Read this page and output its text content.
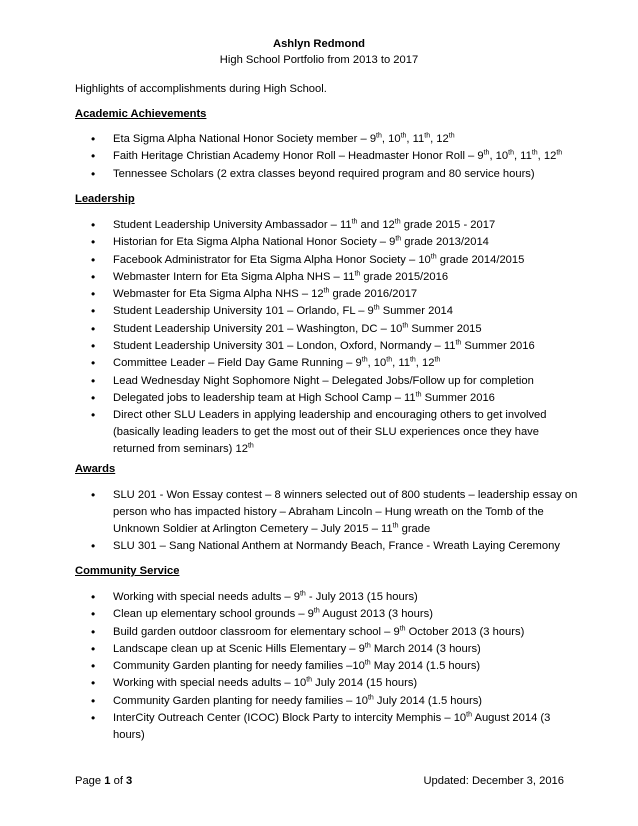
Ashlyn Redmond
High School Portfolio from 2013 to 2017
Highlights of accomplishments during High School.
Academic Achievements
• Eta Sigma Alpha National Honor Society member – 9th, 10th, 11th, 12th
• Faith Heritage Christian Academy Honor Roll – Headmaster Honor Roll – 9th, 10th, 11th, 12th
• Tennessee Scholars (2 extra classes beyond required program and 80 service hours)
Leadership
• Student Leadership University Ambassador – 11th and 12th grade 2015 - 2017
• Historian for Eta Sigma Alpha National Honor Society – 9th grade 2013/2014
• Facebook Administrator for Eta Sigma Alpha Honor Society – 10th grade 2014/2015
• Webmaster Intern for Eta Sigma Alpha NHS – 11th grade 2015/2016
• Webmaster for Eta Sigma Alpha NHS – 12th grade 2016/2017
• Student Leadership University 101 – Orlando, FL – 9th Summer 2014
• Student Leadership University 201 – Washington, DC – 10th Summer 2015
• Student Leadership University 301 – London, Oxford, Normandy – 11th Summer 2016
• Committee Leader – Field Day Game Running – 9th, 10th, 11th, 12th
• Lead Wednesday Night Sophomore Night – Delegated Jobs/Follow up for completion
• Delegated jobs to leadership team at High School Camp – 11th Summer 2016
• Direct other SLU Leaders in applying leadership and encouraging others to get involved (basically leading leaders to get the most out of their SLU experiences once they have returned from seminars) 12th
Awards
• SLU 201 - Won Essay contest – 8 winners selected out of 800 students – leadership essay on person who has impacted history – Abraham Lincoln – Hung wreath on the Tomb of the Unknown Soldier at Arlington Cemetery – July 2015 – 11th grade
• SLU 301 – Sang National Anthem at Normandy Beach, France - Wreath Laying Ceremony
Community Service
• Working with special needs adults – 9th - July 2013 (15 hours)
• Clean up elementary school grounds – 9th August 2013 (3 hours)
• Build garden outdoor classroom for elementary school – 9th October 2013 (3 hours)
• Landscape clean up at Scenic Hills Elementary – 9th March 2014 (3 hours)
• Community Garden planting for needy families –10th May 2014 (1.5 hours)
• Working with special needs adults – 10th July 2014 (15 hours)
• Community Garden planting for needy families – 10th July 2014 (1.5 hours)
• InterCity Outreach Center (ICOC) Block Party to intercity Memphis – 10th August 2014 (3 hours)
Page 1 of 3	Updated: December 3, 2016
